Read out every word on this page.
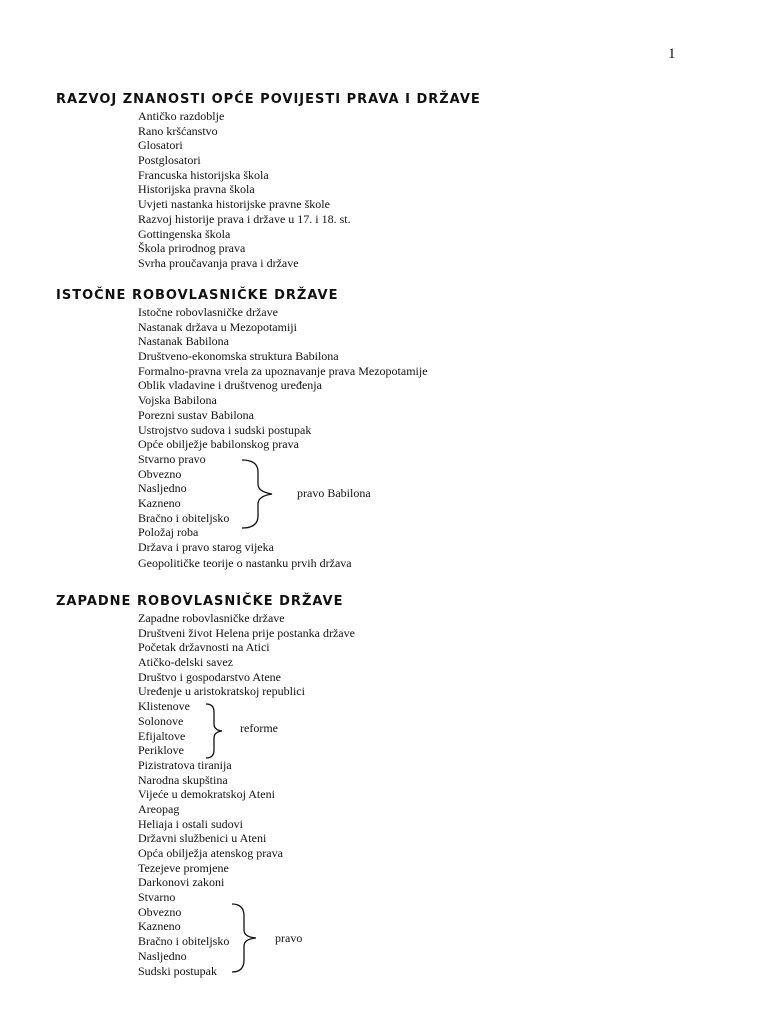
1
RAZVOJ ZNANOSTI OPĆE POVIJESTI PRAVA I DRŽAVE
Antičko razdoblje
Rano kršćanstvo
Glosatori
Postglosatori
Francuska historijska škola
Historijska pravna škola
Uvjeti nastanka historijske pravne škole
Razvoj historije prava i države u 17. i 18. st.
Gottingenska škola
Škola prirodnog prava
Svrha proučavanja prava i države
ISTOČNE ROBOVLASNIČKE DRŽAVE
Istočne robovlasničke države
Nastanak država u Mezopotamiji
Nastanak Babilona
Društveno-ekonomska struktura Babilona
Formalno-pravna vrela za upoznavanje prava Mezopotamije
Oblik vladavine i društvenog uređenja
Vojska Babilona
Porezni sustav Babilona
Ustrojstvo sudova i sudski postupak
Opće obilježje babilonskog prava
Stvarno pravo
Obvezno
Nasljedno
Kazneno
Bračno i obiteljsko
Položaj roba
Država i pravo starog vijeka
Geopolitičke teorije o nastanku prvih država
pravo Babilona
ZAPADNE ROBOVLASNIČKE DRŽAVE
Zapadne robovlasničke države
Društveni život Helena prije postanka države
Početak državnosti na Atici
Atičko-delski savez
Društvo i gospodarstvo Atene
Uređenje u aristokratskoj republici
Klistenove
Solonove
Efijaltove
Periklove
Pizistratova tiranija
Narodna skupština
Vijeće u demokratskoj Ateni
Areopag
Heliaja i ostali sudovi
Državni službenici u Ateni
Opća obilježja atenskog prava
Tezejeve promjene
Darkonovi zakoni
Stvarno
Obvezno
Kazneno
Bračno i obiteljsko
Nasljedno
Sudski postupak
reforme
pravo
